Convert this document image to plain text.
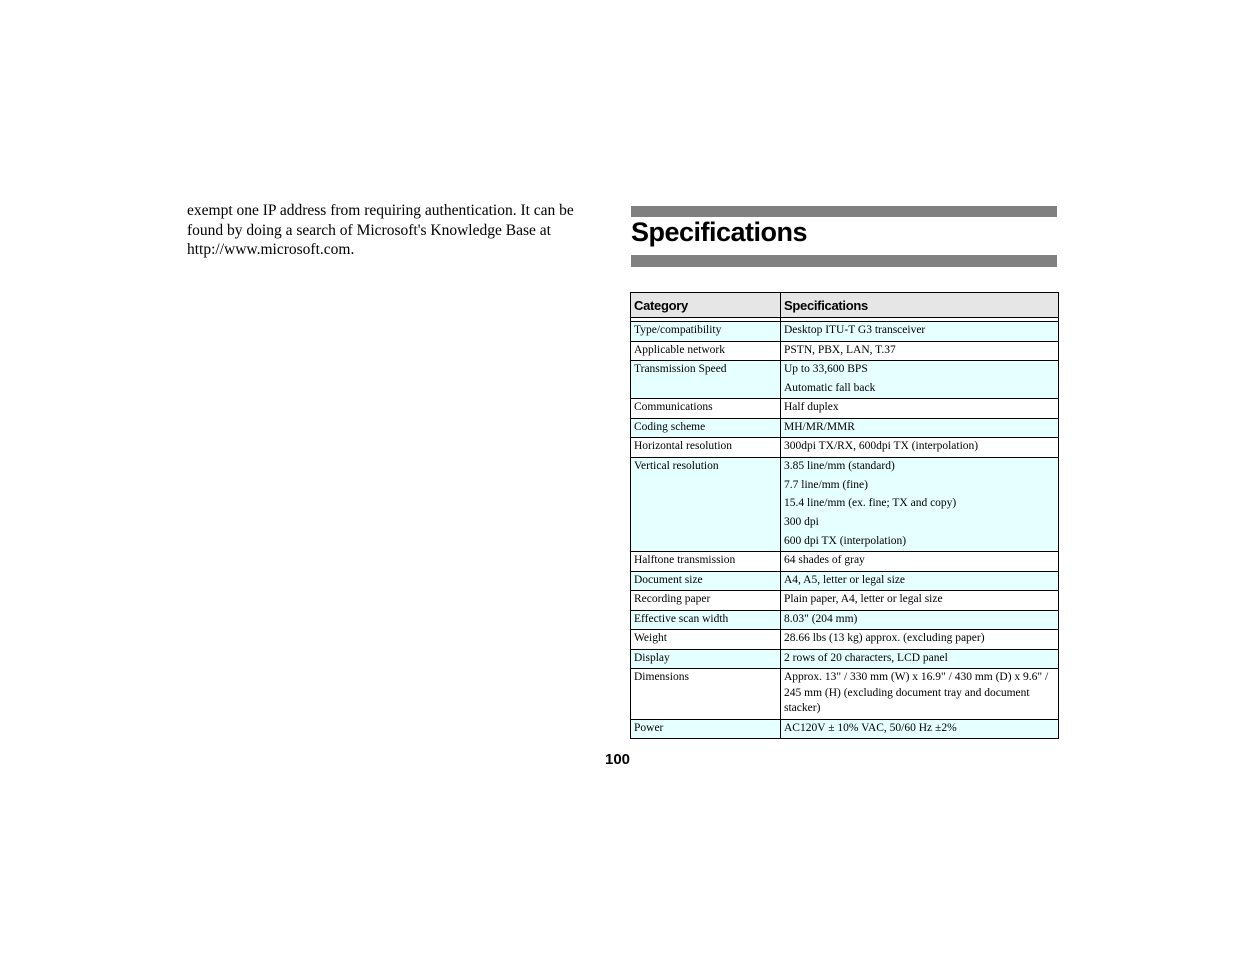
exempt one IP address from requiring authentication. It can be found by doing a search of Microsoft's Knowledge Base at http://www.microsoft.com.

Specifications
Category	Specifications

Type/compatibility	Desktop ITU-T G3 transceiver

Applicable network	PSTN, PBX, LAN, T.37

Transmission Speed	Up to 33,600 BPS
Automatic fall back

Communications	Half duplex

Coding scheme	MH/MR/MMR

Horizontal resolution	300dpi TX/RX, 600dpi TX (interpolation)

Vertical resolution	3.85 line/mm (standard)
7.7 line/mm (fine)
15.4 line/mm (ex. fine; TX and copy)
300 dpi
600 dpi TX (interpolation)

Halftone transmission	64 shades of gray

Document size	A4, A5, letter or legal size

Recording paper	Plain paper, A4, letter or legal size

Effective scan width	8.03" (204 mm)

Weight	28.66 lbs (13 kg) approx. (excluding paper)

Display	2 rows of 20 characters, LCD panel

Dimensions	Approx. 13" / 330 mm (W) x 16.9" / 430 mm (D) x 9.6" / 245 mm (H) (excluding document tray and document stacker)

Power	AC120V ± 10% VAC, 50/60 Hz ±2%
100
